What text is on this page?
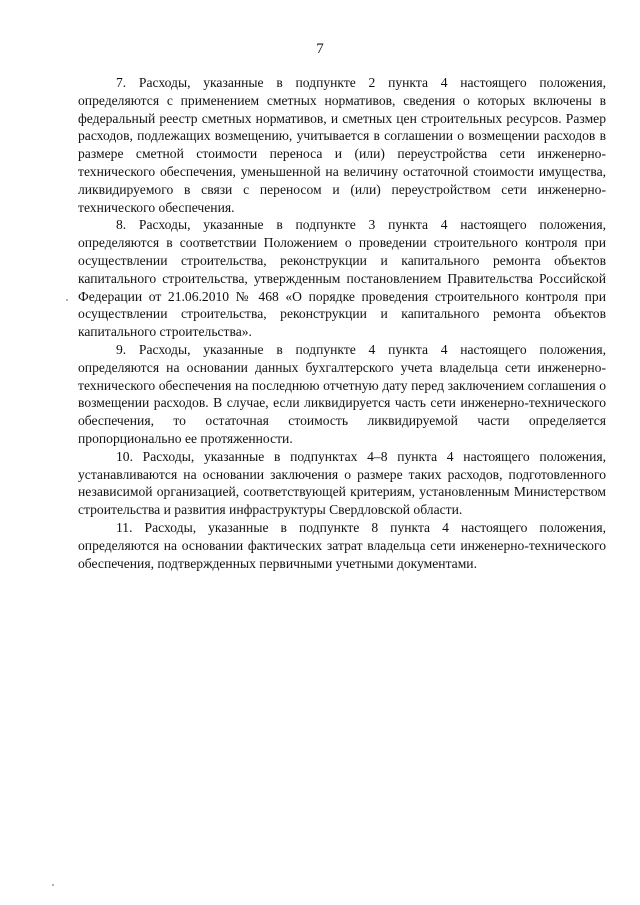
7

7. Расходы, указанные в подпункте 2 пункта 4 настоящего положения, определяются с применением сметных нормативов, сведения о которых включены в федеральный реестр сметных нормативов, и сметных цен строительных ресурсов. Размер расходов, подлежащих возмещению, учитывается в соглашении о возмещении расходов в размере сметной стоимости переноса и (или) переустройства сети инженерно-технического обеспечения, уменьшенной на величину остаточной стоимости имущества, ликвидируемого в связи с переносом и (или) переустройством сети инженерно-технического обеспечения.

8. Расходы, указанные в подпункте 3 пункта 4 настоящего положения, определяются в соответствии Положением о проведении строительного контроля при осуществлении строительства, реконструкции и капитального ремонта объектов капитального строительства, утвержденным постановлением Правительства Российской Федерации от 21.06.2010 № 468 «О порядке проведения строительного контроля при осуществлении строительства, реконструкции и капитального ремонта объектов капитального строительства».

9. Расходы, указанные в подпункте 4 пункта 4 настоящего положения, определяются на основании данных бухгалтерского учета владельца сети инженерно-технического обеспечения на последнюю отчетную дату перед заключением соглашения о возмещении расходов. В случае, если ликвидируется часть сети инженерно-технического обеспечения, то остаточная стоимость ликвидируемой части определяется пропорционально ее протяженности.

10. Расходы, указанные в подпунктах 4–8 пункта 4 настоящего положения, устанавливаются на основании заключения о размере таких расходов, подготовленного независимой организацией, соответствующей критериям, установленным Министерством строительства и развития инфраструктуры Свердловской области.

11. Расходы, указанные в подпункте 8 пункта 4 настоящего положения, определяются на основании фактических затрат владельца сети инженерно-технического обеспечения, подтвержденных первичными учетными документами.
